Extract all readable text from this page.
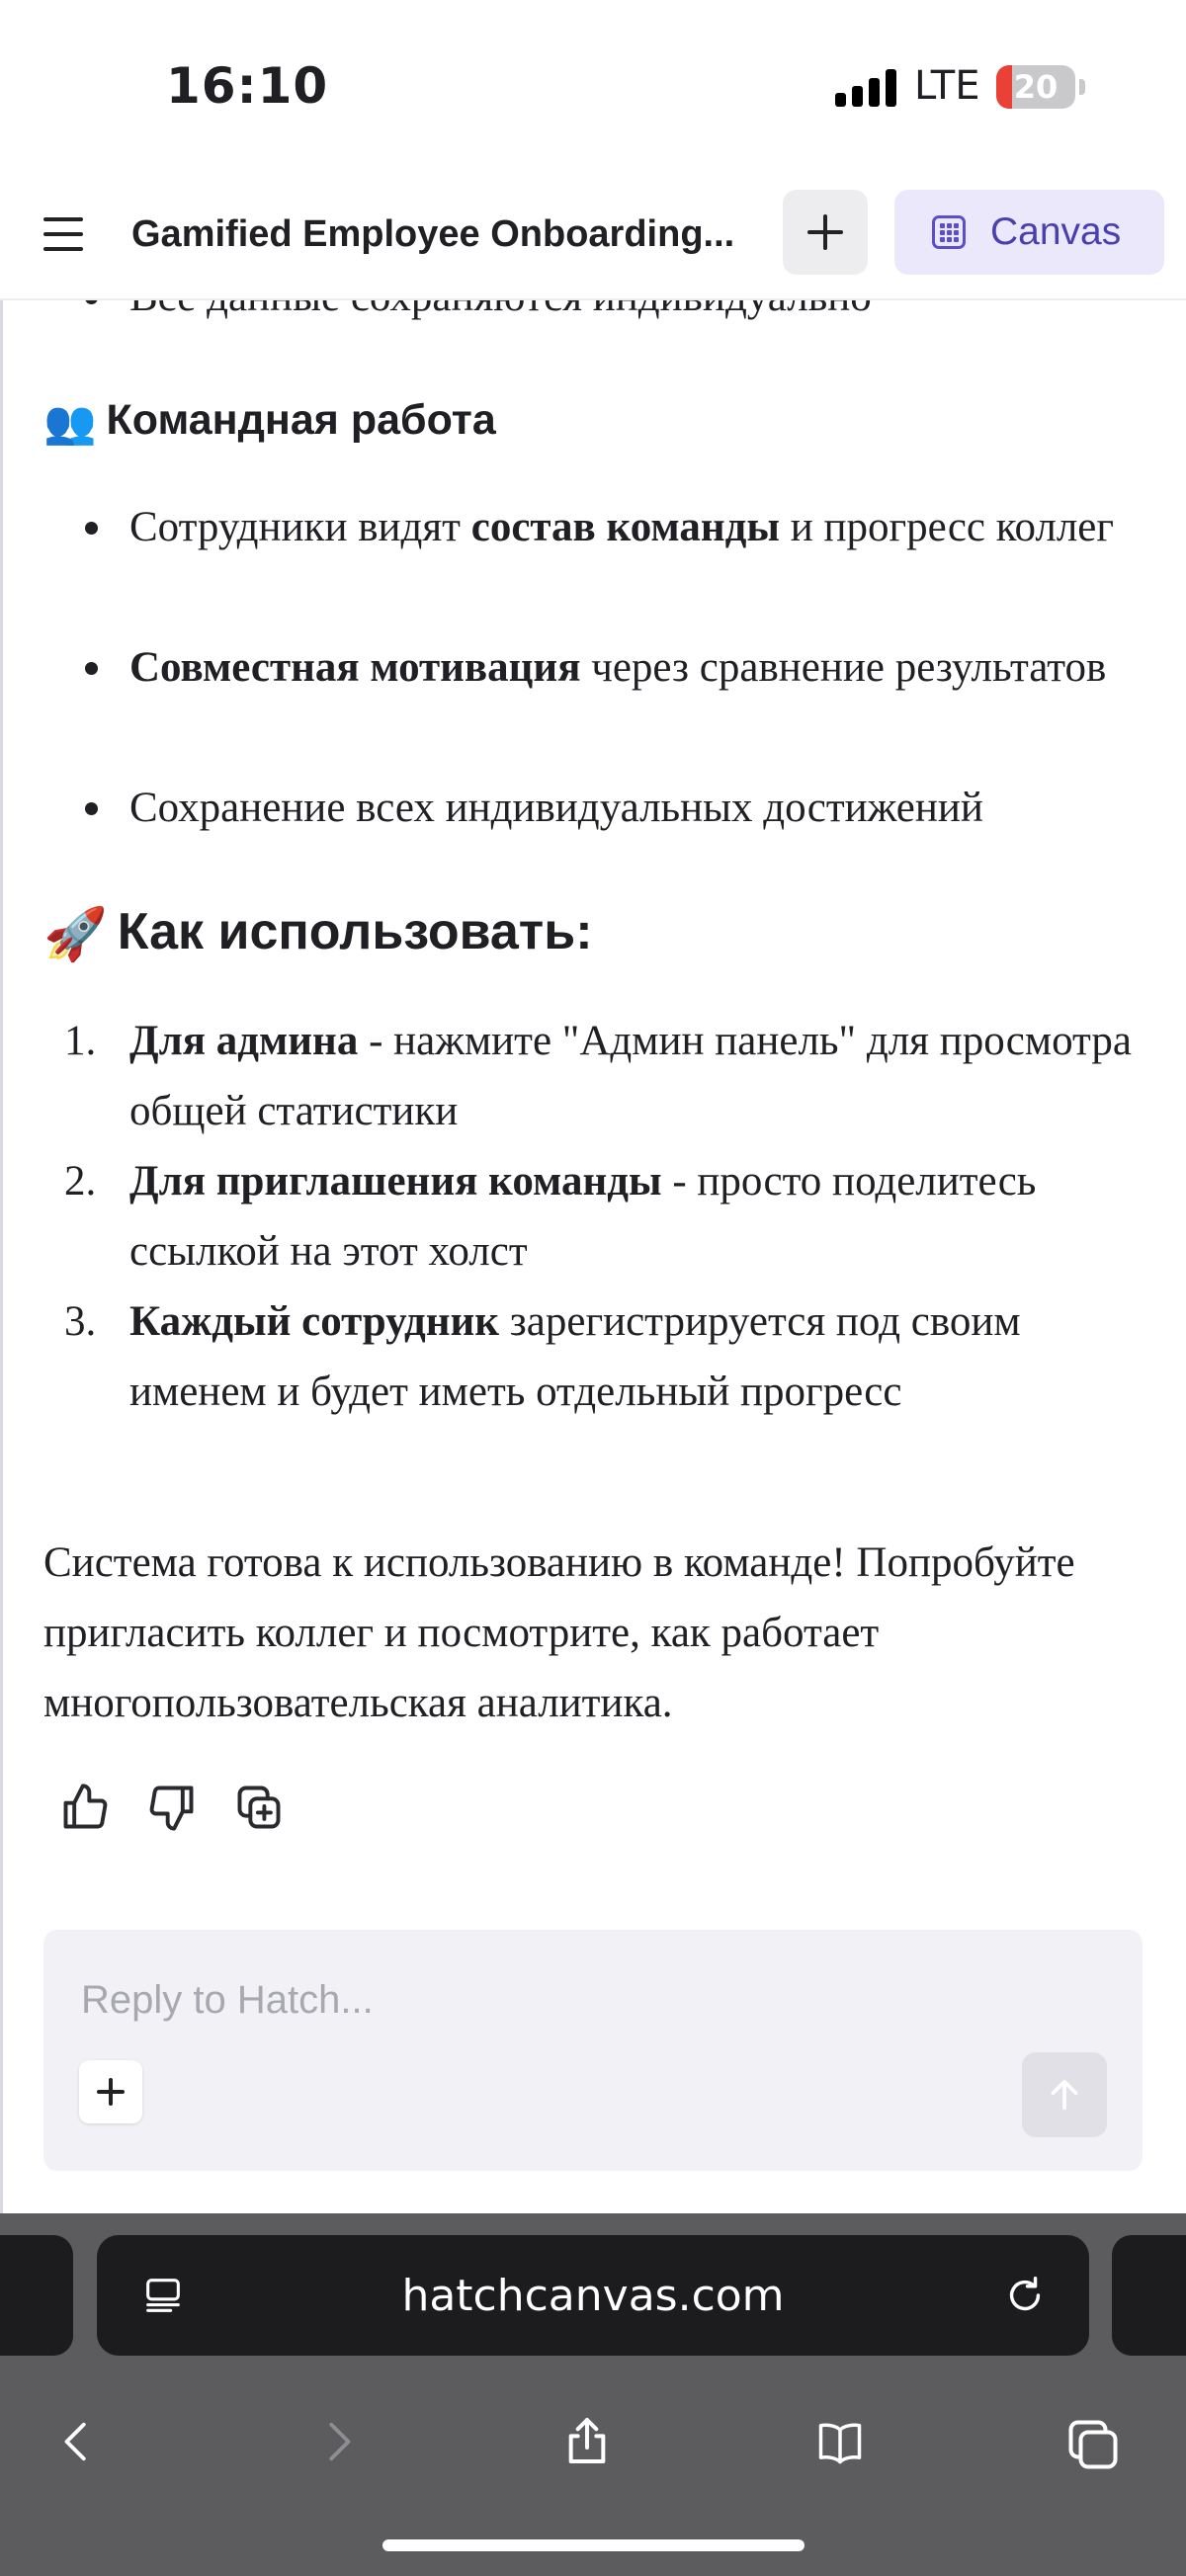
16:10	LTE	20
Gamified Employee Onboarding...	Canvas
👥 Командная работа
Сотрудники видят состав команды и прогресс коллег
Совместная мотивация через сравнение результатов
Сохранение всех индивидуальных достижений
🚀 Как использовать:
1. Для админа - нажмите "Админ панель" для просмотра общей статистики
2. Для приглашения команды - просто поделитесь ссылкой на этот холст
3. Каждый сотрудник зарегистрируется под своим именем и будет иметь отдельный прогресс
Система готова к использованию в команде! Попробуйте пригласить коллег и посмотрите, как работает многопользовательская аналитика.
Reply to Hatch...
hatchcanvas.com
